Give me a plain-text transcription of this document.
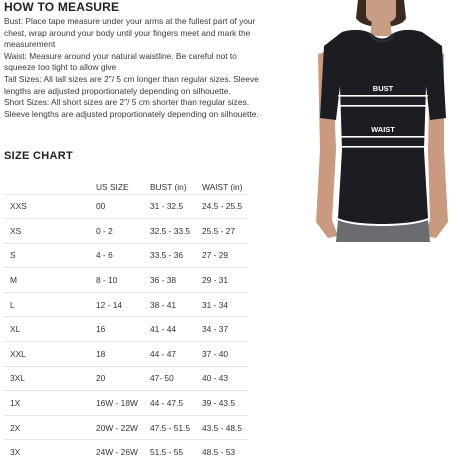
HOW TO MEASURE

Bust: Place tape measure under your arms at the fullest part of your

chest, wrap around your body until your fingers meet and mark the

measurement

Waist: Measure around your natural waistline. Be careful not to

squeeze too tight to allow give

Tall Sizes: All tall sizes are 2"/ 5 cm longer than regular sizes. Sleeve

lengths are adjusted proportionately depending on silhouette.

Short Sizes: All short sizes are 2"/ 5 cm shorter than regular sizes.

Sleeve lengths are adjusted proportionately depending on silhouette.

BUST
WAIST
SIZE CHART
	US SIZE	BUST (in)	WAIST (in)
XXS	00	31 - 32.5	24.5 - 25.5
XS	0 - 2	32.5 - 33.5	25.5 - 27
S	4 - 6	33.5 - 36	27 - 29
M	8 - 10	36 - 38	29 - 31
L	12 - 14	38 - 41	31 - 34
XL	16	41 - 44	34 - 37
XXL	18	44 - 47	37 - 40
3XL	20	47- 50	40 - 43
1X	16W - 18W	44 - 47.5	39 - 43.5
2X	20W - 22W	47.5 - 51.5	43.5 - 48.5
3X	24W - 26W	51.5 - 55	48.5 - 53
